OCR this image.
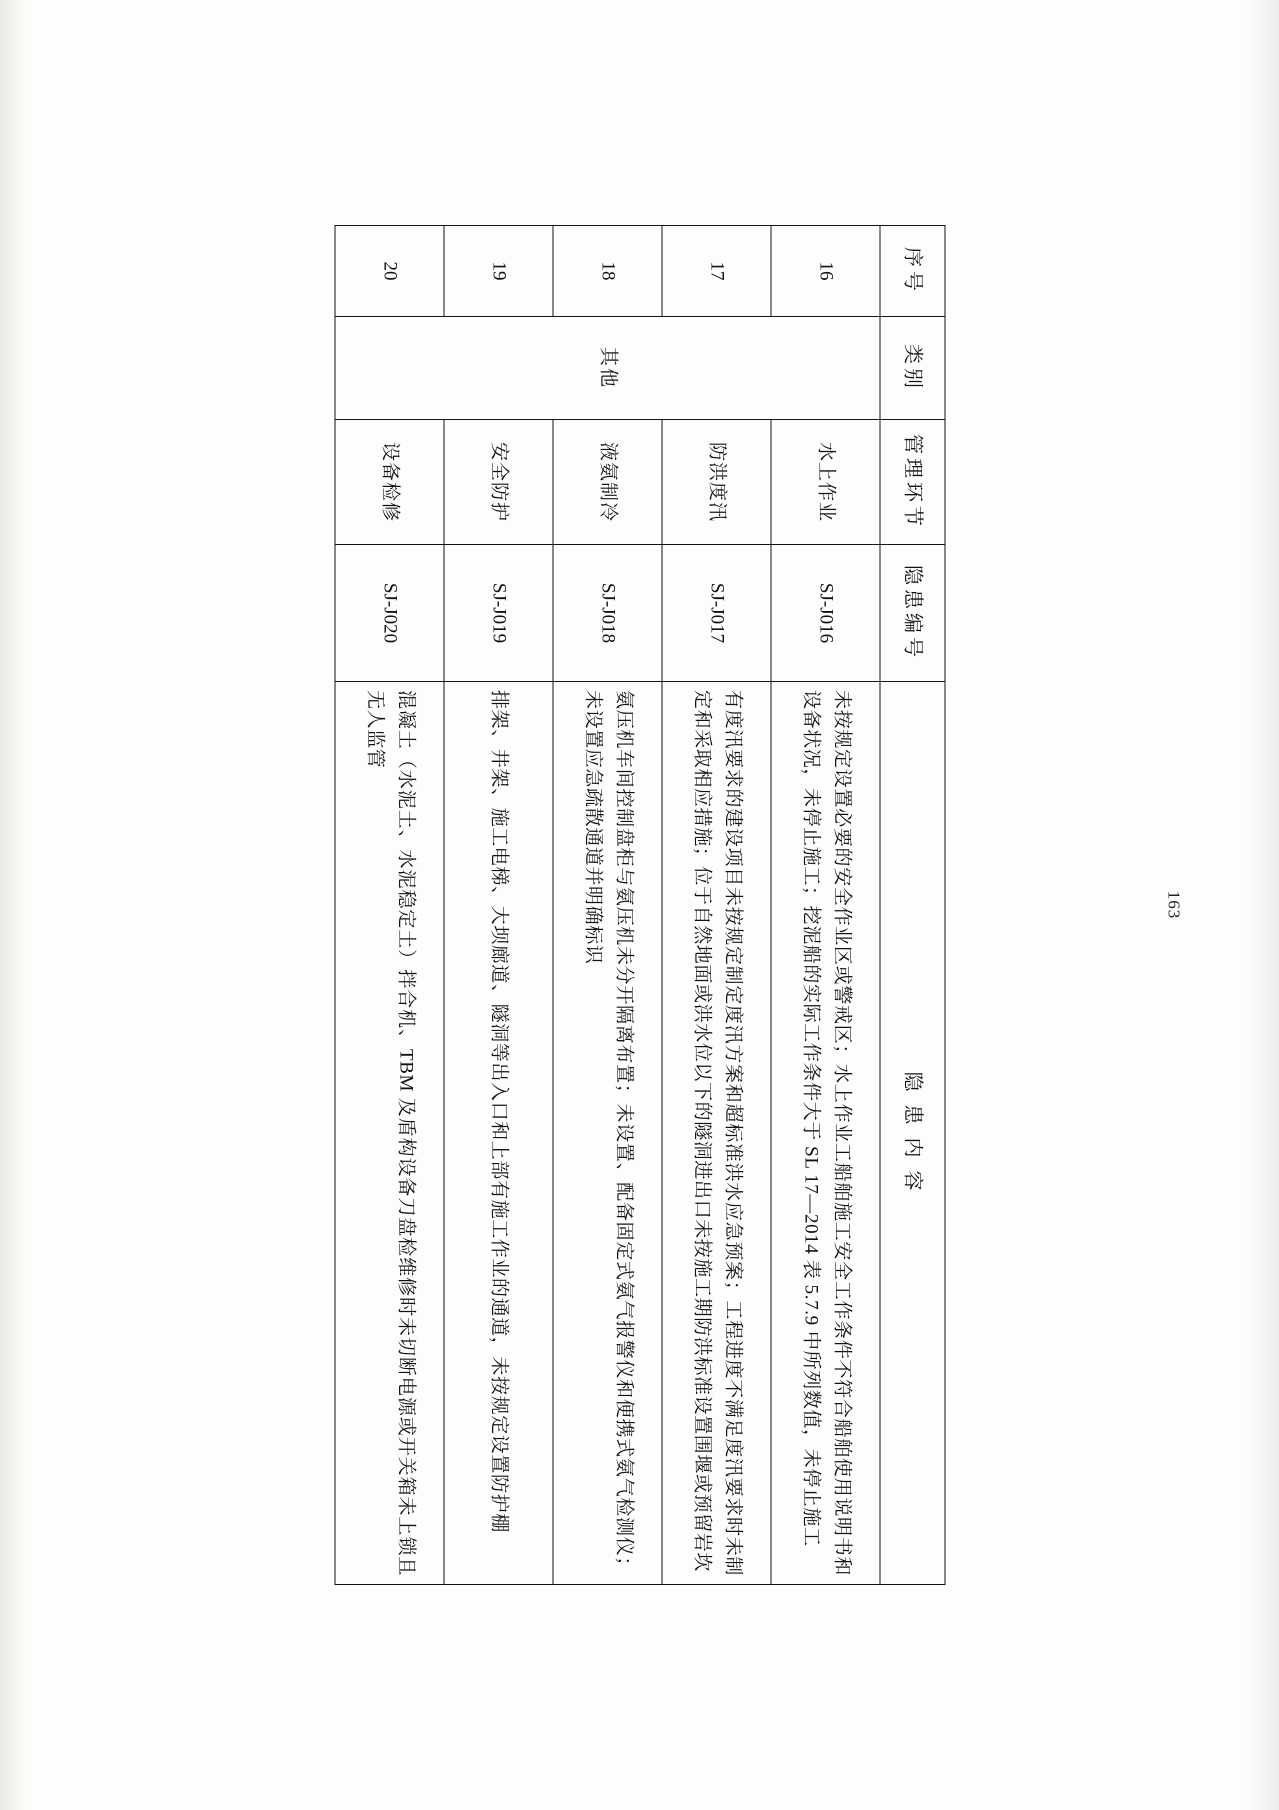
163
序号	类别	管理环节	隐患编号	隐 患 内 容
16	其他	水上作业	SJ-J016	未按规定设置必要的安全作业区或警戒区；水上作业工船舶施工安全工作条件不符合船舶使用说明书和设备状况，未停止施工；挖泥船的实际工作条件大于 SL 17—2014 表 5.7.9 中所列数值，未停止施工
17		防洪度汛	SJ-J017	有度汛要求的建设项目未按规定制定度汛方案和超标准洪水应急预案；工程进度不满足度汛要求时未制定和采取相应措施；位于自然地面或洪水位以下的隧洞进出口未按施工期防洪标准设置围堰或预留岩坎
18		液氨制冷	SJ-J018	氨压机车间控制盘柜与氨压机未分开隔离布置；未设置、配备固定式氨气报警仪和便携式氨气检测仪；未设置应急疏散通道并明确标识
19		安全防护	SJ-J019	排架、井架、施工电梯、大坝廊道、隧洞等出入口和上部有施工作业的通道，未按规定设置防护棚
20		设备检修	SJ-J020	混凝土（水泥土、水泥稳定土）拌合机、TBM 及盾构设备刀盘检维修时未切断电源或开关箱未上锁且无人监管
